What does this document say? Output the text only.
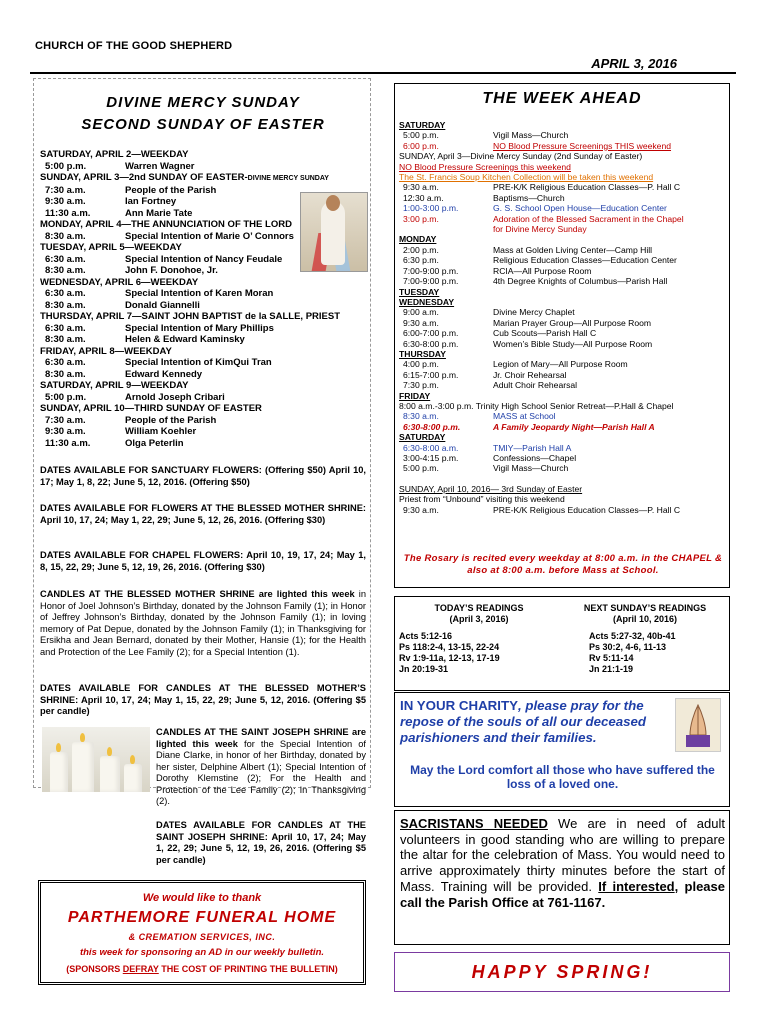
CHURCH OF THE GOOD SHEPHERD
APRIL 3, 2016
DIVINE MERCY SUNDAY
SECOND SUNDAY OF EASTER
SATURDAY, APRIL 2—WEEKDAY
5:00 p.m.	Warren Wagner
SUNDAY, APRIL 3—2nd SUNDAY OF EASTER-DIVINE MERCY SUNDAY
7:30 a.m.	People of the Parish
9:30 a.m.	Ian Fortney
11:30 a.m.	Ann Marie Tate
MONDAY, APRIL 4—THE ANNUNCIATION OF THE LORD
8:30 a.m.	Special Intention of Marie O’ Connors
TUESDAY, APRIL 5—WEEKDAY
6:30 a.m.	Special Intention of Nancy Feudale
8:30 a.m.	John F. Donohoe, Jr.
WEDNESDAY, APRIL 6—WEEKDAY
6:30 a.m.	Special Intention of Karen Moran
8:30 a.m.	Donald Giannelli
THURSDAY, APRIL 7—SAINT JOHN BAPTIST de la SALLE, PRIEST
6:30 a.m.	Special Intention of Mary Phillips
8:30 a.m.	Helen & Edward Kaminsky
FRIDAY, APRIL 8—WEEKDAY
6:30 a.m.	Special Intention of KimQui Tran
8:30 a.m.	Edward Kennedy
SATURDAY, APRIL 9—WEEKDAY
5:00 p.m.	Arnold Joseph Cribari
SUNDAY, APRIL 10—THIRD SUNDAY OF EASTER
7:30 a.m.	People of the Parish
9:30 a.m.	William Koehler
11:30 a.m.	Olga Peterlin
DATES AVAILABLE FOR SANCTUARY FLOWERS: (Offering $50) April 10, 17; May 1, 8, 22; June 5, 12, 2016. (Offering $50)
DATES AVAILABLE FOR FLOWERS AT THE BLESSED MOTHER SHRINE: April 10, 17, 24; May 1, 22, 29; June 5, 12, 26, 2016. (Offering $30)
DATES AVAILABLE FOR CHAPEL FLOWERS: April 10, 19, 17, 24; May 1, 8, 15, 22, 29; June 5, 12, 19, 26, 2016. (Offering $30)
CANDLES AT THE BLESSED MOTHER SHRINE are lighted this week in Honor of Joel Johnson’s Birthday, donated by the Johnson Family (1); in Honor of Jeffrey Johnson’s Birthday, donated by the Johnson Family (1); in loving memory of Pat Depue, donated by the Johnson Family (1); in Thanksgiving for Ersikha and Jean Bernard, donated by their Mother, Hansie (1); for the Health and Protection of the Lee Family (2); for a Special Intention (1).
DATES AVAILABLE FOR CANDLES AT THE BLESSED MOTHER’S SHRINE: April 10, 17, 24; May 1, 15, 22, 29; June 5, 12, 2016. (Offering $5 per candle)
CANDLES AT THE SAINT JOSEPH SHRINE are lighted this week for the Special Intention of Diane Clarke, in honor of her Birthday, donated by her sister, Delphine Albert (1); Special Intention of Dorothy Klemstine (2); For the Health and Protection of the Lee Family (2); In Thanksgiving (2).
DATES AVAILABLE FOR CANDLES AT THE SAINT JOSEPH SHRINE: April 10, 17, 24; May 1, 22, 29; June 5, 12, 19, 26, 2016. (Offering $5 per candle)
We would like to thank
PARTHEMORE FUNERAL HOME
& CREMATION SERVICES, INC.
this week for sponsoring an AD in our weekly bulletin.
(SPONSORS DEFRAY THE COST OF PRINTING THE BULLETIN)
THE WEEK AHEAD
SATURDAY
5:00 p.m.	Vigil Mass—Church
6:00 p.m.	NO Blood Pressure Screenings THIS weekend
SUNDAY, April 3—Divine Mercy Sunday (2nd Sunday of Easter)
NO Blood Pressure Screenings this weekend
The St. Francis Soup Kitchen Collection will be taken this weekend
9:30 a.m.	PRE-K/K Religious Education Classes—P. Hall C
12:30 a.m.	Baptisms—Church
1:00-3:00 p.m.	G. S. School Open House—Education Center
3:00 p.m.	Adoration of the Blessed Sacrament in the Chapel
for Divine Mercy Sunday
MONDAY
2:00 p.m.	Mass at Golden Living Center—Camp Hill
6:30 p.m.	Religious Education Classes—Education Center
7:00-9:00 p.m.	RCIA—All Purpose Room
7:00-9:00 p.m.	4th Degree Knights of Columbus—Parish Hall
TUESDAY
WEDNESDAY
9:00 a.m.	Divine Mercy Chaplet
9:30 a.m.	Marian Prayer Group—All Purpose Room
6:00-7:00 p.m.	Cub Scouts—Parish Hall C
6:30-8:00 p.m.	Women’s Bible Study—All Purpose Room
THURSDAY
4:00 p.m.	Legion of Mary—All Purpose Room
6:15-7:00 p.m.	Jr. Choir Rehearsal
7:30 p.m.	Adult Choir Rehearsal
FRIDAY
8:00 a.m.-3:00 p.m. Trinity High School Senior Retreat—P.Hall & Chapel
8:30 a.m.	MASS at School
6:30-8:00 p.m.	A Family Jeopardy Night—Parish Hall A
SATURDAY
6:30-8:00 a.m.	TMIY—Parish Hall A
3:00-4:15 p.m.	Confessions—Chapel
5:00 p.m.	Vigil Mass—Church
SUNDAY, April 10, 2016— 3rd Sunday of Easter
Priest from “Unbound” visiting this weekend
9:30 a.m.	PRE-K/K Religious Education Classes—P. Hall C
The Rosary is recited every weekday at 8:00 a.m. in the CHAPEL & also at 8:00 a.m. before Mass at School.
TODAY’S READINGS
(April 3, 2016)
Acts 5:12-16
Ps 118:2-4, 13-15, 22-24
Rv 1:9-11a, 12-13, 17-19
Jn 20:19-31
NEXT SUNDAY’S READINGS
(April 10, 2016)
Acts 5:27-32, 40b-41
Ps 30:2, 4-6, 11-13
Rv 5:11-14
Jn 21:1-19
IN YOUR CHARITY, please pray for the repose of the souls of all our deceased parishioners and their families.
May the Lord comfort all those who have suffered the loss of a loved one.
SACRISTANS NEEDED We are in need of adult volunteers in good standing who are willing to prepare the altar for the celebration of Mass. You would need to arrive approximately thirty minutes before the start of Mass. Training will be provided. If interested, please call the Parish Office at 761-1167.
HAPPY SPRING!
